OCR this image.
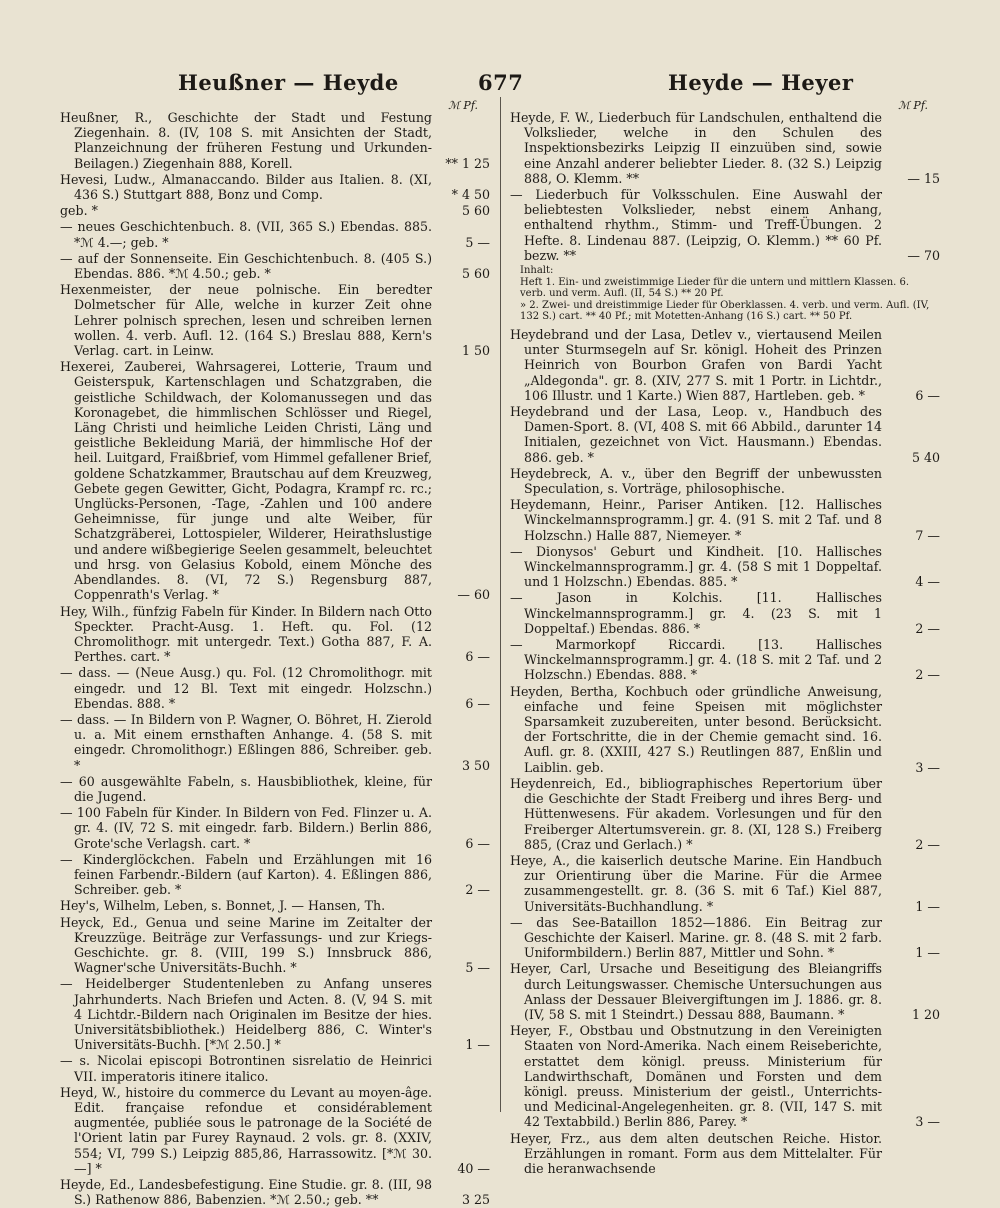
Heußner — Heyde	677	Heyde — Heyer
ℳ Pf.
Heußner, R., Geschichte der Stadt und Festung Ziegenhain. 8. (IV, 108 S. mit Ansichten der Stadt, Planzeichnung der früheren Festung und Urkunden-Beilagen.) Ziegenhain 888, Korell.	** 1 25
Hevesi, Ludw., Almanaccando. Bilder aus Italien. 8. (XI, 436 S.) Stuttgart 888, Bonz und Comp.	* 4 50
geb. *	5 60
— neues Geschichtenbuch. 8. (VII, 365 S.) Ebendas. 885. *ℳ 4.—; geb. *	5 —
— auf der Sonnenseite. Ein Geschichtenbuch. 8. (405 S.) Ebendas. 886. *ℳ 4.50.; geb. *	5 60
Hexenmeister, der neue polnische. Ein beredter Dolmetscher für Alle, welche in kurzer Zeit ohne Lehrer polnisch sprechen, lesen und schreiben lernen wollen. 4. verb. Aufl. 12. (164 S.) Breslau 888, Kern's Verlag. cart. in Leinw.	1 50
Hexerei, Zauberei, Wahrsagerei, Lotterie, Traum und Geisterspuk, Kartenschlagen und Schatzgraben, die geistliche Schildwach, der Kolomanussegen und das Koronagebet, die himmlischen Schlösser und Riegel, Läng Christi und heimliche Leiden Christi, Läng und geistliche Bekleidung Mariä, der himmlische Hof der heil. Luitgard, Fraißbrief, vom Himmel gefallener Brief, goldene Schatzkammer, Brautschau auf dem Kreuzweg, Gebete gegen Gewitter, Gicht, Podagra, Krampf rc. rc.; Unglücks-Personen, -Tage, -Zahlen und 100 andere Geheimnisse, für junge und alte Weiber, für Schatzgräberei, Lottospieler, Wilderer, Heirathslustige und andere wißbegierige Seelen gesammelt, beleuchtet und hrsg. von Gelasius Kobold, einem Mönche des Abendlandes. 8. (VI, 72 S.) Regensburg 887, Coppenrath's Verlag. *	— 60
Hey, Wilh., fünfzig Fabeln für Kinder. In Bildern nach Otto Speckter. Pracht-Ausg. 1. Heft. qu. Fol. (12 Chromolithogr. mit untergedr. Text.) Gotha 887, F. A. Perthes. cart. *	6 —
— dass. — (Neue Ausg.) qu. Fol. (12 Chromolithogr. mit eingedr. und 12 Bl. Text mit eingedr. Holzschn.) Ebendas. 888. *	6 —
— dass. — In Bildern von P. Wagner, O. Böhret, H. Zierold u. a. Mit einem ernsthaften Anhange. 4. (58 S. mit eingedr. Chromolithogr.) Eßlingen 886, Schreiber. geb. *	3 50
— 60 ausgewählte Fabeln, s. Hausbibliothek, kleine, für die Jugend.
— 100 Fabeln für Kinder. In Bildern von Fed. Flinzer u. A. gr. 4. (IV, 72 S. mit eingedr. farb. Bildern.) Berlin 886, Grote'sche Verlagsh. cart. *	6 —
— Kinderglöckchen. Fabeln und Erzählungen mit 16 feinen Farbendr.-Bildern (auf Karton). 4. Eßlingen 886, Schreiber. geb. *	2 —
Hey's, Wilhelm, Leben, s. Bonnet, J. — Hansen, Th.
Heyck, Ed., Genua und seine Marine im Zeitalter der Kreuzzüge. Beiträge zur Verfassungs- und zur Kriegs-Geschichte. gr. 8. (VIII, 199 S.) Innsbruck 886, Wagner'sche Universitäts-Buchh. *	5 —
— Heidelberger Studentenleben zu Anfang unseres Jahrhunderts. Nach Briefen und Acten. 8. (V, 94 S. mit 4 Lichtdr.-Bildern nach Originalen im Besitze der hies. Universitätsbibliothek.) Heidelberg 886, C. Winter's Universitäts-Buchh. [*ℳ 2.50.] *	1 —
— s. Nicolai episcopi Botrontinen sisrelatio de Heinrici VII. imperatoris itinere italico.
Heyd, W., histoire du commerce du Levant au moyen-âge. Edit. française refondue et considérablement augmentée, publiée sous le patronage de la Société de l'Orient latin par Furey Raynaud. 2 vols. gr. 8. (XXIV, 554; VI, 799 S.) Leipzig 885,86, Harrassowitz. [*ℳ 30.—] *	40 —
Heyde, Ed., Landesbefestigung. Eine Studie. gr. 8. (III, 98 S.) Rathenow 886, Babenzien. *ℳ 2.50.; geb. **	3 25
ℳ Pf.
Heyde, F. W., Liederbuch für Landschulen, enthaltend die Volkslieder, welche in den Schulen des Inspektionsbezirks Leipzig II einzuüben sind, sowie eine Anzahl anderer beliebter Lieder. 8. (32 S.) Leipzig 888, O. Klemm. **	— 15
— Liederbuch für Volksschulen. Eine Auswahl der beliebtesten Volkslieder, nebst einem Anhang, enthaltend rhythm., Stimm- und Treff-Übungen. 2 Hefte. 8. Lindenau 887. (Leipzig, O. Klemm.) ** 60 Pf. bezw. **	— 70
Inhalt:
Heft 1. Ein- und zweistimmige Lieder für die untern und mittlern Klassen. 6. verb. und verm. Aufl. (II, 54 S.) ** 20 Pf.
» 2. Zwei- und dreistimmige Lieder für Oberklassen. 4. verb. und verm. Aufl. (IV, 132 S.) cart. ** 40 Pf.; mit Motetten-Anhang (16 S.) cart. ** 50 Pf.
Heydebrand und der Lasa, Detlev v., viertausend Meilen unter Sturmsegeln auf Sr. königl. Hoheit des Prinzen Heinrich von Bourbon Grafen von Bardi Yacht „Aldegonda". gr. 8. (XIV, 277 S. mit 1 Portr. in Lichtdr., 106 Illustr. und 1 Karte.) Wien 887, Hartleben. geb. *	6 —
Heydebrand und der Lasa, Leop. v., Handbuch des Damen-Sport. 8. (VI, 408 S. mit 66 Abbild., darunter 14 Initialen, gezeichnet von Vict. Hausmann.) Ebendas. 886. geb. *	5 40
Heydebreck, A. v., über den Begriff der unbewussten Speculation, s. Vorträge, philosophische.
Heydemann, Heinr., Pariser Antiken. [12. Hallisches Winckelmannsprogramm.] gr. 4. (91 S. mit 2 Taf. und 8 Holzschn.) Halle 887, Niemeyer. *	7 —
— Dionysos' Geburt und Kindheit. [10. Hallisches Winckelmannsprogramm.] gr. 4. (58 S mit 1 Doppeltaf. und 1 Holzschn.) Ebendas. 885. *	4 —
— Jason in Kolchis. [11. Hallisches Winckelmannsprogramm.] gr. 4. (23 S. mit 1 Doppeltaf.) Ebendas. 886. *	2 —
— Marmorkopf Riccardi. [13. Hallisches Winckelmannsprogramm.] gr. 4. (18 S. mit 2 Taf. und 2 Holzschn.) Ebendas. 888. *	2 —
Heyden, Bertha, Kochbuch oder gründliche Anweisung, einfache und feine Speisen mit möglichster Sparsamkeit zuzubereiten, unter besond. Berücksicht. der Fortschritte, die in der Chemie gemacht sind. 16. Aufl. gr. 8. (XXIII, 427 S.) Reutlingen 887, Enßlin und Laiblin. geb.	3 —
Heydenreich, Ed., bibliographisches Repertorium über die Geschichte der Stadt Freiberg und ihres Berg- und Hüttenwesens. Für akadem. Vorlesungen und für den Freiberger Altertumsverein. gr. 8. (XI, 128 S.) Freiberg 885, (Craz und Gerlach.) *	2 —
Heye, A., die kaiserlich deutsche Marine. Ein Handbuch zur Orientirung über die Marine. Für die Armee zusammengestellt. gr. 8. (36 S. mit 6 Taf.) Kiel 887, Universitäts-Buchhandlung. *	1 —
— das See-Bataillon 1852—1886. Ein Beitrag zur Geschichte der Kaiserl. Marine. gr. 8. (48 S. mit 2 farb. Uniformbildern.) Berlin 887, Mittler und Sohn. *	1 —
Heyer, Carl, Ursache und Beseitigung des Bleiangriffs durch Leitungswasser. Chemische Untersuchungen aus Anlass der Dessauer Bleivergiftungen im J. 1886. gr. 8. (IV, 58 S. mit 1 Steindrt.) Dessau 888, Baumann. *	1 20
Heyer, F., Obstbau und Obstnutzung in den Vereinigten Staaten von Nord-Amerika. Nach einem Reiseberichte, erstattet dem königl. preuss. Ministerium für Landwirthschaft, Domänen und Forsten und dem königl. preuss. Ministerium der geistl., Unterrichts- und Medicinal-Angelegenheiten. gr. 8. (VII, 147 S. mit 42 Textabbild.) Berlin 886, Parey. *	3 —
Heyer, Frz., aus dem alten deutschen Reiche. Histor. Erzählungen in romant. Form aus dem Mittelalter. Für die heranwachsende
